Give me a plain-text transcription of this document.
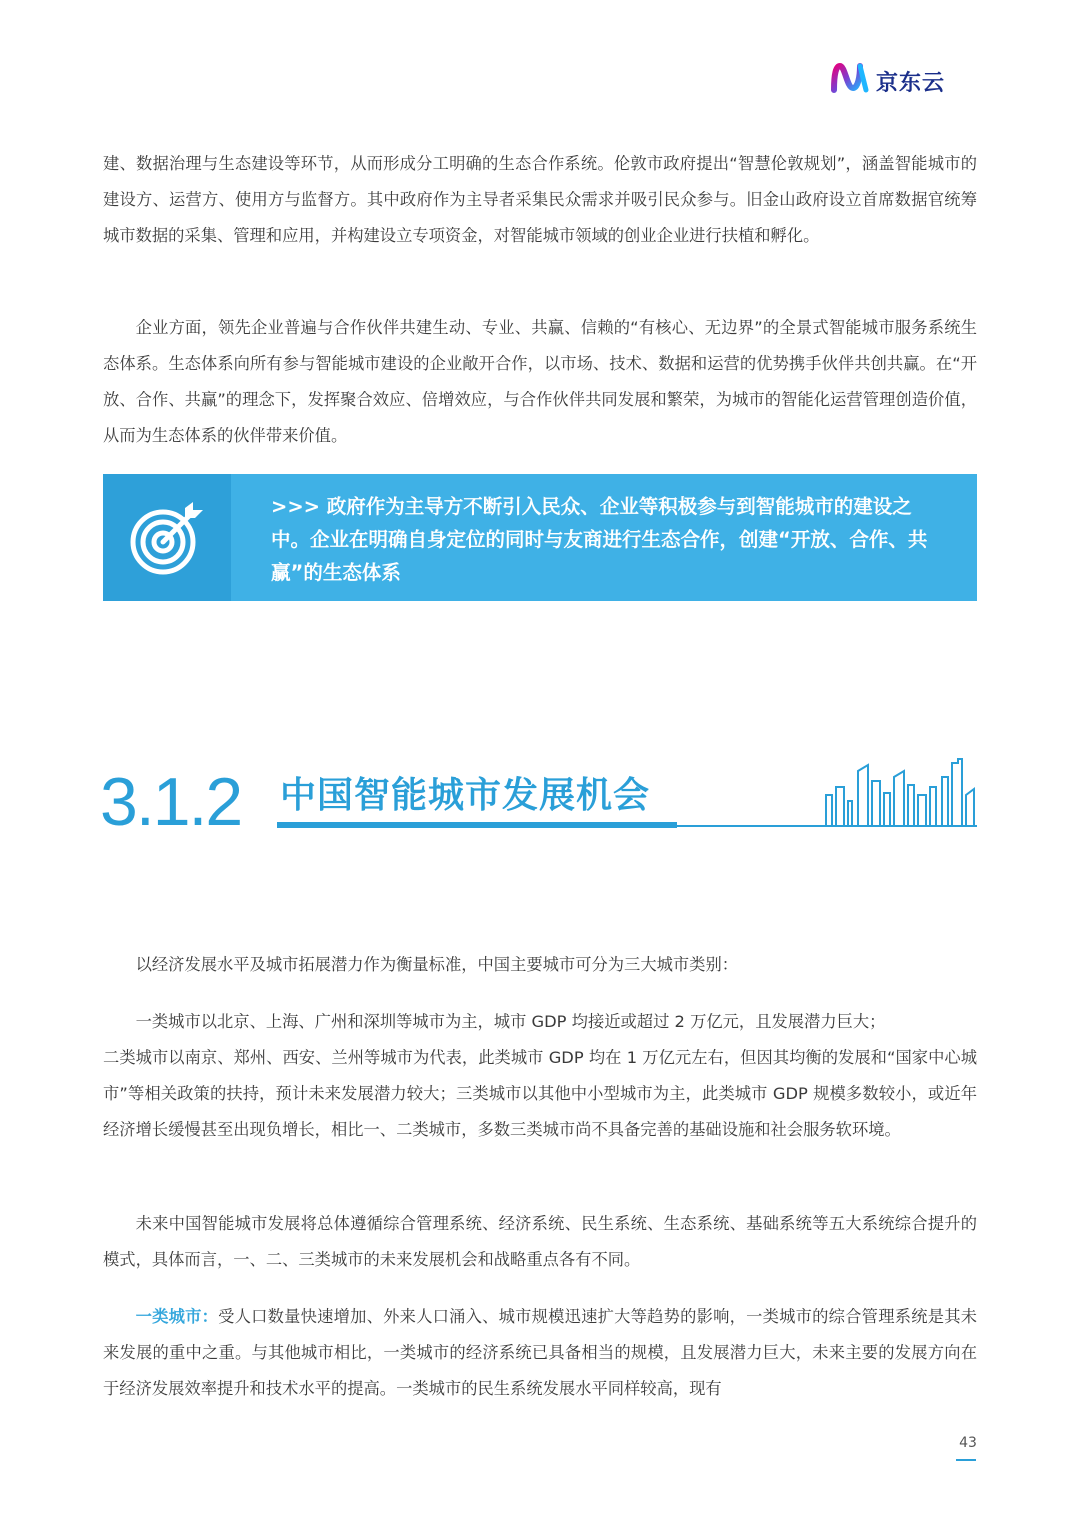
京东云

建、数据治理与生态建设等环节，从而形成分工明确的生态合作系统。伦敦市政府提出“智慧伦敦规划”，涵盖智能城市的建设方、运营方、使用方与监督方。其中政府作为主导者采集民众需求并吸引民众参与。旧金山政府设立首席数据官统筹城市数据的采集、管理和应用，并构建设立专项资金，对智能城市领域的创业企业进行扶植和孵化。

企业方面，领先企业普遍与合作伙伴共建生动、专业、共赢、信赖的“有核心、无边界”的全景式智能城市服务系统生态体系。生态体系向所有参与智能城市建设的企业敞开合作，以市场、技术、数据和运营的优势携手伙伴共创共赢。在“开放、合作、共赢”的理念下，发挥聚合效应、倍增效应，与合作伙伴共同发展和繁荣，为城市的智能化运营管理创造价值，从而为生态体系的伙伴带来价值。

>>> 政府作为主导方不断引入民众、企业等积极参与到智能城市的建设之中。企业在明确自身定位的同时与友商进行生态合作，创建“开放、合作、共赢”的生态体系

3.1.2 中国智能城市发展机会

以经济发展水平及城市拓展潜力作为衡量标准，中国主要城市可分为三大城市类别：

一类城市以北京、上海、广州和深圳等城市为主，城市 GDP 均接近或超过 2 万亿元，且发展潜力巨大；

二类城市以南京、郑州、西安、兰州等城市为代表，此类城市 GDP 均在 1 万亿元左右，但因其均衡的发展和“国家中心城市”等相关政策的扶持，预计未来发展潜力较大；三类城市以其他中小型城市为主，此类城市 GDP 规模多数较小，或近年经济增长缓慢甚至出现负增长，相比一、二类城市，多数三类城市尚不具备完善的基础设施和社会服务软环境。

未来中国智能城市发展将总体遵循综合管理系统、经济系统、民生系统、生态系统、基础系统等五大系统综合提升的模式，具体而言，一、二、三类城市的未来发展机会和战略重点各有不同。

一类城市：受人口数量快速增加、外来人口涌入、城市规模迅速扩大等趋势的影响，一类城市的综合管理系统是其未来发展的重中之重。与其他城市相比，一类城市的经济系统已具备相当的规模，且发展潜力巨大，未来主要的发展方向在于经济发展效率提升和技术水平的提高。一类城市的民生系统发展水平同样较高，现有

43
